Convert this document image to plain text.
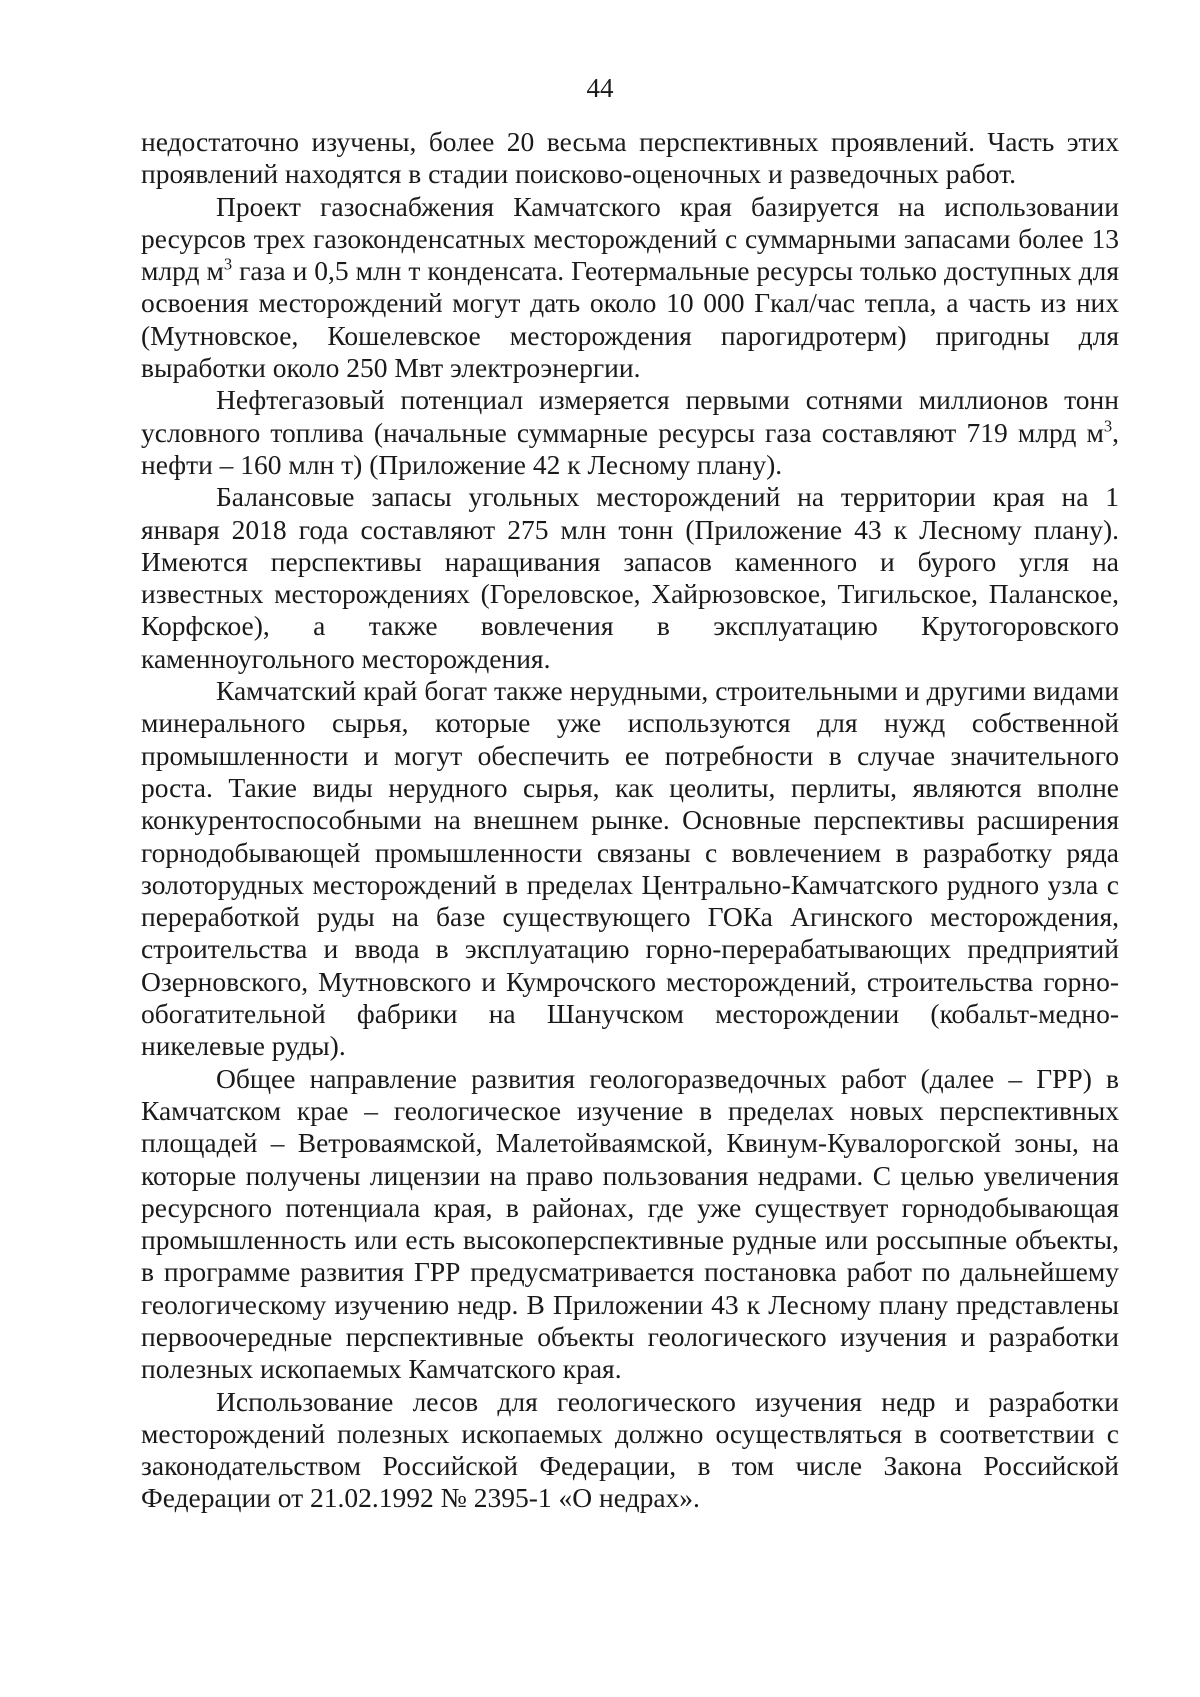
44

недостаточно изучены, более 20 весьма перспективных проявлений. Часть этих проявлений находятся в стадии поисково-оценочных и разведочных работ.

Проект газоснабжения Камчатского края базируется на использовании ресурсов трех газоконденсатных месторождений с суммарными запасами более 13 млрд $м^3$ газа и 0,5 млн т конденсата. Геотермальные ресурсы только доступных для освоения месторождений могут дать около 10 000 Гкал/час тепла, а часть из них (Мутновское, Кошелевское месторождения парогидротерм) пригодны для выработки около 250 Мвт электроэнергии.

Нефтегазовый потенциал измеряется первыми сотнями миллионов тонн условного топлива (начальные суммарные ресурсы газа составляют 719 млрд $м^3$, нефти – 160 млн т) (Приложение 42 к Лесному плану).

Балансовые запасы угольных месторождений на территории края на 1 января 2018 года составляют 275 млн тонн (Приложение 43 к Лесному плану). Имеются перспективы наращивания запасов каменного и бурого угля на известных месторождениях (Гореловское, Хайрюзовское, Тигильское, Паланское, Корфское), а также вовлечения в эксплуатацию Крутогоровского каменноугольного месторождения.

Камчатский край богат также нерудными, строительными и другими видами минерального сырья, которые уже используются для нужд собственной промышленности и могут обеспечить ее потребности в случае значительного роста. Такие виды нерудного сырья, как цеолиты, перлиты, являются вполне конкурентоспособными на внешнем рынке. Основные перспективы расширения горнодобывающей промышленности связаны с вовлечением в разработку ряда золоторудных месторождений в пределах Центрально-Камчатского рудного узла с переработкой руды на базе существующего ГОКа Агинского месторождения, строительства и ввода в эксплуатацию горно-перерабатывающих предприятий Озерновского, Мутновского и Кумрочского месторождений, строительства горно-обогатительной фабрики на Шанучском месторождении (кобальт-медно-никелевые руды).

Общее направление развития геологоразведочных работ (далее – ГРР) в Камчатском крае – геологическое изучение в пределах новых перспективных площадей – Ветроваямской, Малетойваямской, Квинум-Кувалорогской зоны, на которые получены лицензии на право пользования недрами. С целью увеличения ресурсного потенциала края, в районах, где уже существует горнодобывающая промышленность или есть высокоперспективные рудные или россыпные объекты, в программе развития ГРР предусматривается постановка работ по дальнейшему геологическому изучению недр. В Приложении 43 к Лесному плану представлены первоочередные перспективные объекты геологического изучения и разработки полезных ископаемых Камчатского края.

Использование лесов для геологического изучения недр и разработки месторождений полезных ископаемых должно осуществляться в соответствии с законодательством Российской Федерации, в том числе Закона Российской Федерации от 21.02.1992 № 2395-1 «О недрах».
